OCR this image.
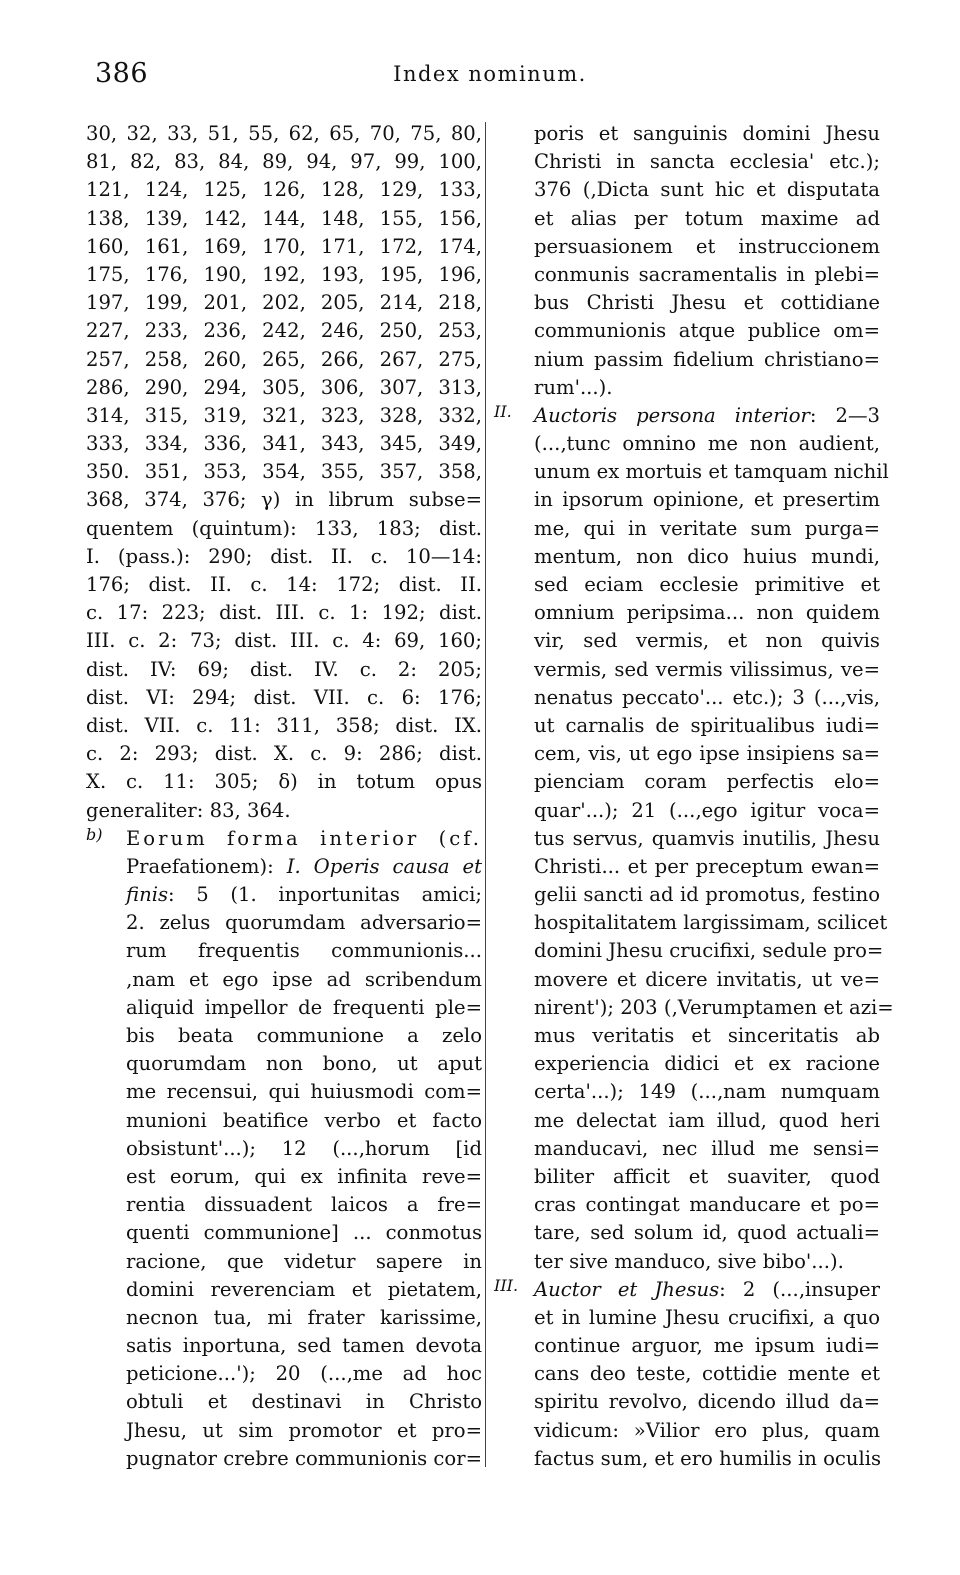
386	Index nominum.
30, 32, 33, 51, 55, 62, 65, 70, 75, 80,
81, 82, 83, 84, 89, 94, 97, 99, 100,
121, 124, 125, 126, 128, 129, 133,
138, 139, 142, 144, 148, 155, 156,
160, 161, 169, 170, 171, 172, 174,
175, 176, 190, 192, 193, 195, 196,
197, 199, 201, 202, 205, 214, 218,
227, 233, 236, 242, 246, 250, 253,
257, 258, 260, 265, 266, 267, 275,
286, 290, 294, 305, 306, 307, 313,
314, 315, 319, 321, 323, 328, 332,
333, 334, 336, 341, 343, 345, 349,
350. 351, 353, 354, 355, 357, 358,
368, 374, 376; γ) in librum subse=
quentem (quintum): 133, 183; dist.
I. (pass.): 290; dist. II. c. 10—14:
176; dist. II. c. 14: 172; dist. II.
c. 17: 223; dist. III. c. 1: 192; dist.
III. c. 2: 73; dist. III. c. 4: 69, 160;
dist. IV: 69; dist. IV. c. 2: 205;
dist. VI: 294; dist. VII. c. 6: 176;
dist. VII. c. 11: 311, 358; dist. IX.
c. 2: 293; dist. X. c. 9: 286; dist.
X. c. 11: 305; δ) in totum opus
generaliter: 83, 364.
b) Eorum forma interior (cf.
Praefationem): I. Operis causa et
finis: 5 (1. inportunitas amici;
2. zelus quorumdam adversario=
rum frequentis communionis...
‚nam et ego ipse ad scribendum
aliquid impellor de frequenti ple=
bis beata communione a zelo
quorumdam non bono, ut aput
me recensui, qui huiusmodi com=
munioni beatifice verbo et facto
obsistunt'...); 12 (...‚horum [id
est eorum, qui ex infinita reve=
rentia dissuadent laicos a fre=
quenti communione] ... conmotus
racione, que videtur sapere in
domini reverenciam et pietatem,
necnon tua, mi frater karissime,
satis inportuna, sed tamen devota
peticione...'); 20 (...‚me ad hoc
obtuli et destinavi in Christo
Jhesu, ut sim promotor et pro=
pugnator crebre communionis cor=
poris et sanguinis domini Jhesu
Christi in sancta ecclesia' etc.);
376 (‚Dicta sunt hic et disputata
et alias per totum maxime ad
persuasionem et instruccionem
conmunis sacramentalis in plebi=
bus Christi Jhesu et cottidiane
communionis atque publice om=
nium passim fidelium christiano=
rum'...).
II. Auctoris persona interior: 2—3
(...‚tunc omnino me non audient,
unum ex mortuis et tamquam nichil
in ipsorum opinione, et presertim
me, qui in veritate sum purga=
mentum, non dico huius mundi,
sed eciam ecclesie primitive et
omnium peripsima... non quidem
vir, sed vermis, et non quivis
vermis, sed vermis vilissimus, ve=
nenatus peccato'... etc.); 3 (...‚vis,
ut carnalis de spiritualibus iudi=
cem, vis, ut ego ipse insipiens sa=
pienciam coram perfectis elo=
quar'...); 21 (...‚ego igitur voca=
tus servus, quamvis inutilis, Jhesu
Christi... et per preceptum ewan=
gelii sancti ad id promotus, festino
hospitalitatem largissimam, scilicet
domini Jhesu crucifixi, sedule pro=
movere et dicere invitatis, ut ve=
nirent'); 203 (‚Verumptamen et azi=
mus veritatis et sinceritatis ab
experiencia didici et ex racione
certa'...); 149 (...‚nam numquam
me delectat iam illud, quod heri
manducavi, nec illud me sensi=
biliter afficit et suaviter, quod
cras contingat manducare et po=
tare, sed solum id, quod actuali=
ter sive manduco, sive bibo'...).
III. Auctor et Jhesus: 2 (...‚insuper
et in lumine Jhesu crucifixi, a quo
continue arguor, me ipsum iudi=
cans deo teste, cottidie mente et
spiritu revolvo, dicendo illud da=
vidicum: »Vilior ero plus, quam
factus sum, et ero humilis in oculis
